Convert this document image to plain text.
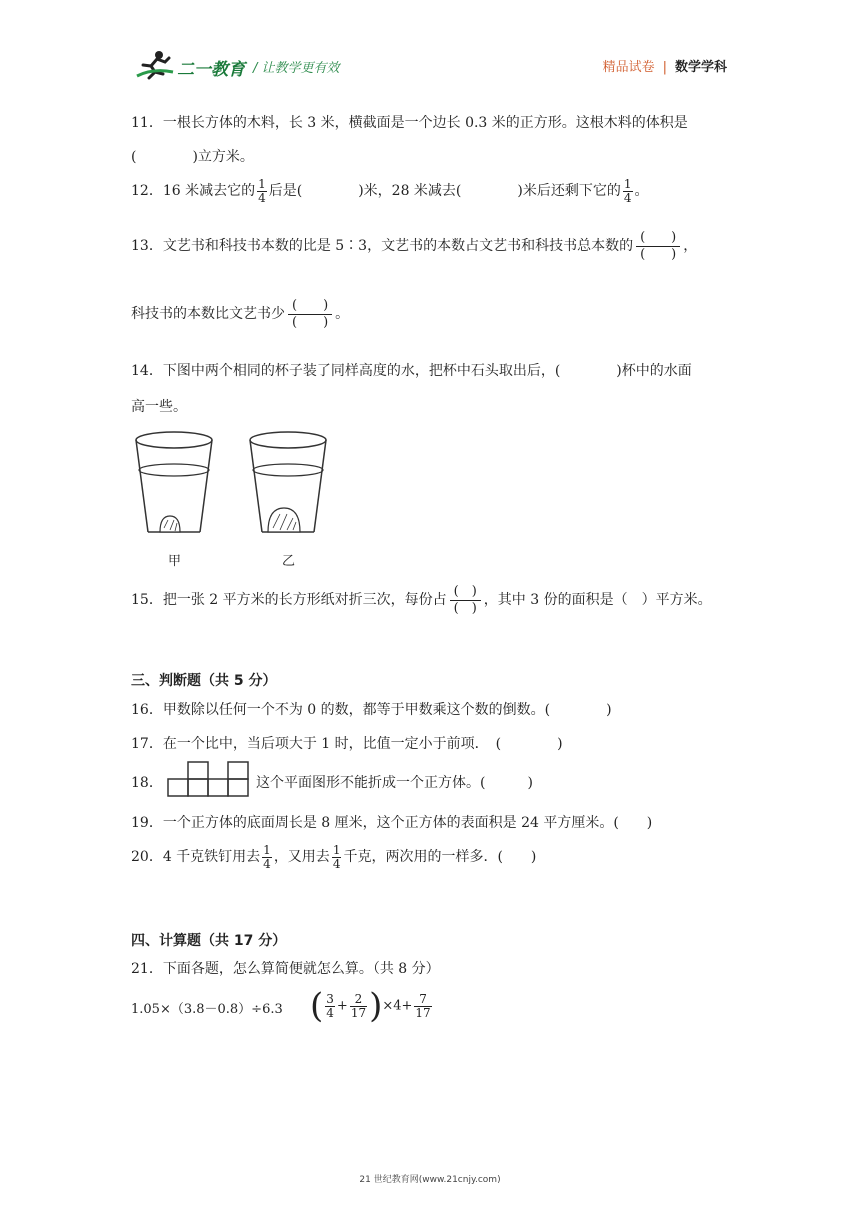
二一教育 / 让教学更有效	精品试卷 | 数学学科
11．一根长方体的木料，长 3 米，横截面是一个边长 0.3 米的正方形。这根木料的体积是
(　　　　)立方米。
12．16 米减去它的 $\frac{1}{4}$ 后是(　　　　)米，28 米减去(　　　　)米后还剩下它的 $\frac{1}{4}$ 。
13．文艺书和科技书本数的比是 5∶3，文艺书的本数占文艺书和科技书总本数的
(　　)
(　　) ，
科技书的本数比文艺书少
(　　)
(　　) 。
14．下图中两个相同的杯子装了同样高度的水，把杯中石头取出后，(　　　　)杯中的水面
高一些。
甲	乙
15．把一张 2 平方米的长方形纸对折三次，每份占
(　)
(　) ，其中 3 份的面积是（　）平方米。
三、判断题（共 5 分）
16．甲数除以任何一个不为 0 的数，都等于甲数乘这个数的倒数。(　　　　)
17．在一个比中，当后项大于 1 时，比值一定小于前项．　(　　　　)
18．	这个平面图形不能折成一个正方体。(　　　)
19．一个正方体的底面周长是 8 厘米，这个正方体的表面积是 24 平方厘米。(　　)
20．4 千克铁钉用去 $\frac{1}{4}$ ，又用去 $\frac{1}{4}$ 千克，两次用的一样多．(　　)
四、计算题（共 17 分）
21．下面各题，怎么算简便就怎么算。（共 8 分）
1.05×（3.8－0.8）÷6.3 ( $\frac{3}{4} + \frac{2}{17} )\times 4+ \frac{7}{17}$
21 世纪教育网(www.21cnjy.com)
